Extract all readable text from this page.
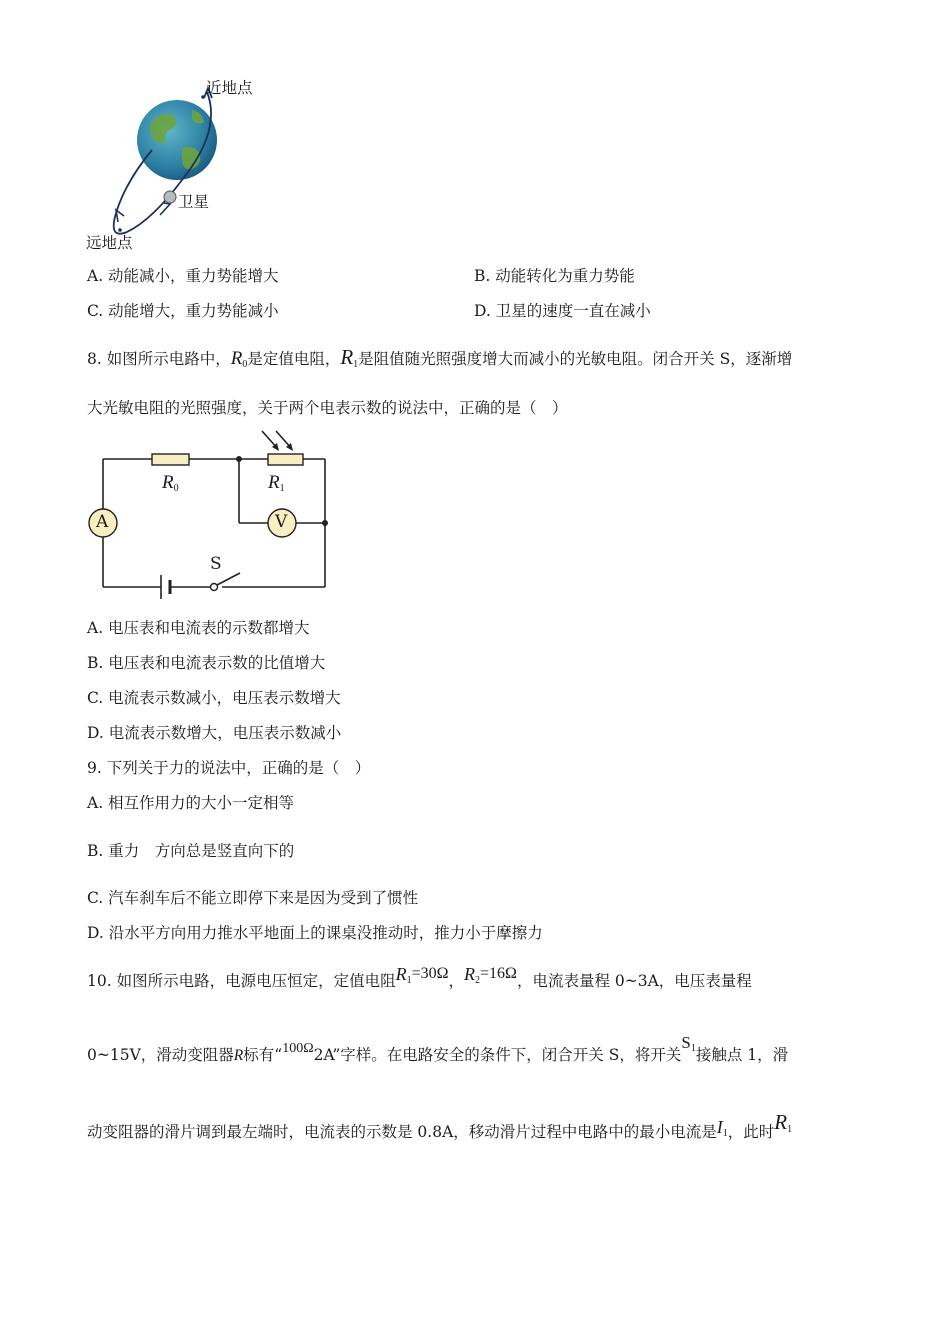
近地点
卫星
远地点
A. 动能减小，重力势能增大	B. 动能转化为重力势能
C. 动能增大，重力势能减小	D. 卫星的速度一直在减小
8. 如图所示电路中，$R_0$是定值电阻，$R_1$是阻值随光照强度增大而减小的光敏电阻。闭合开关 S，逐渐增
大光敏电阻的光照强度，关于两个电表示数的说法中，正确的是（　）
$R_0$	$R_1$
A	V
S
A. 电压表和电流表的示数都增大
B. 电压表和电流表示数的比值增大
C. 电流表示数减小，电压表示数增大
D. 电流表示数增大，电压表示数减小
9. 下列关于力的说法中，正确的是（　）
A. 相互作用力的大小一定相等
B. 重力　方向总是竖直向下的
C. 汽车刹车后不能立即停下来是因为受到了惯性
D. 沿水平方向用力推水平地面上的课桌没推动时，推力小于摩擦力
10. 如图所示电路，电源电压恒定，定值电阻$R_1=30\Omega$，$R_2=16\Omega$，电流表量程 0~3A，电压表量程
0~15V，滑动变阻器R标有“100Ω2A”字样。在电路安全的条件下，闭合开关 S，将开关$S_1$接触点 1，滑
动变阻器的滑片调到最左端时，电流表的示数是 0.8A，移动滑片过程中电路中的最小电流是$I_1$，此时$R_1$
